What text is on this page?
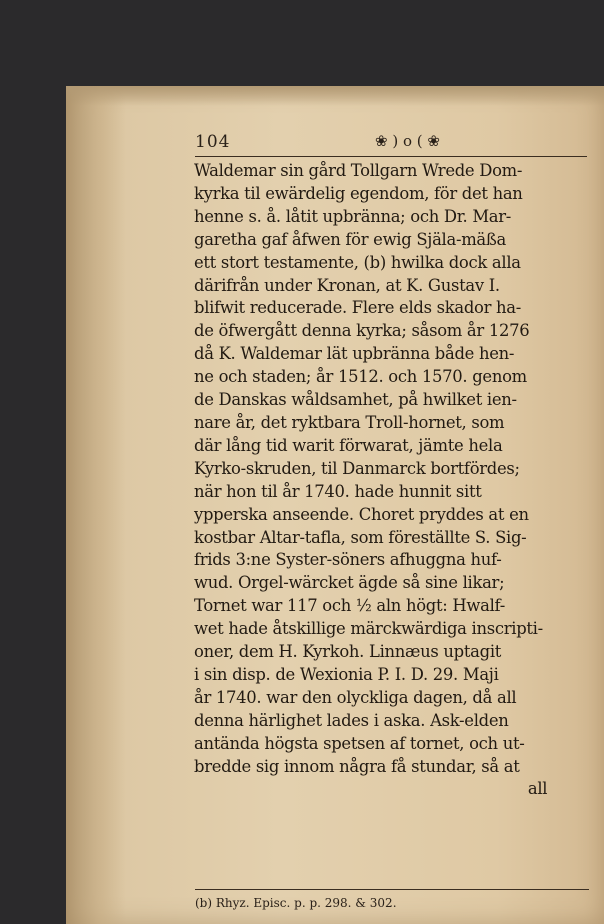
104	❀ ) o ( ❀
Waldemar sin gård Tollgarn Wrede Dom-
kyrka til ewärdelig egendom, för det han
henne s. å. låtit upbränna; och Dr. Mar-
garetha gaf åfwen för ewig Själa-mäßa
ett stort testamente, (b) hwilka dock alla
därifrån under Kronan, at K. Gustav I.
blifwit reducerade. Flere elds skador ha-
de öfwergått denna kyrka; såsom år 1276
då K. Waldemar lät upbränna både hen-
ne och staden; år 1512. och 1570. genom
de Danskas wåldsamhet, på hwilket ien-
nare år, det ryktbara Troll-hornet, som
där lång tid warit förwarat, jämte hela
Kyrko-skruden, til Danmarck bortfördes;
när hon til år 1740. hade hunnit sitt
ypperska anseende. Choret pryddes at en
kostbar Altar-tafla, som föreställte S. Sig-
frids 3:ne Syster-söners afhuggna huf-
wud. Orgel-wärcket ägde så sine likar;
Tornet war 117 och ½ aln högt: Hwalf-
wet hade åtskillige märckwärdiga inscripti-
oner, dem H. Kyrkoh. Linnæus uptagit
i sin disp. de Wexionia P. I. D. 29. Maji
år 1740. war den olyckliga dagen, då all
denna härlighet lades i aska. Ask-elden
antända högsta spetsen af tornet, och ut-
bredde sig innom några få stundar, så at
all
(b) Rhyz. Episc. p. p. 298. & 302.
